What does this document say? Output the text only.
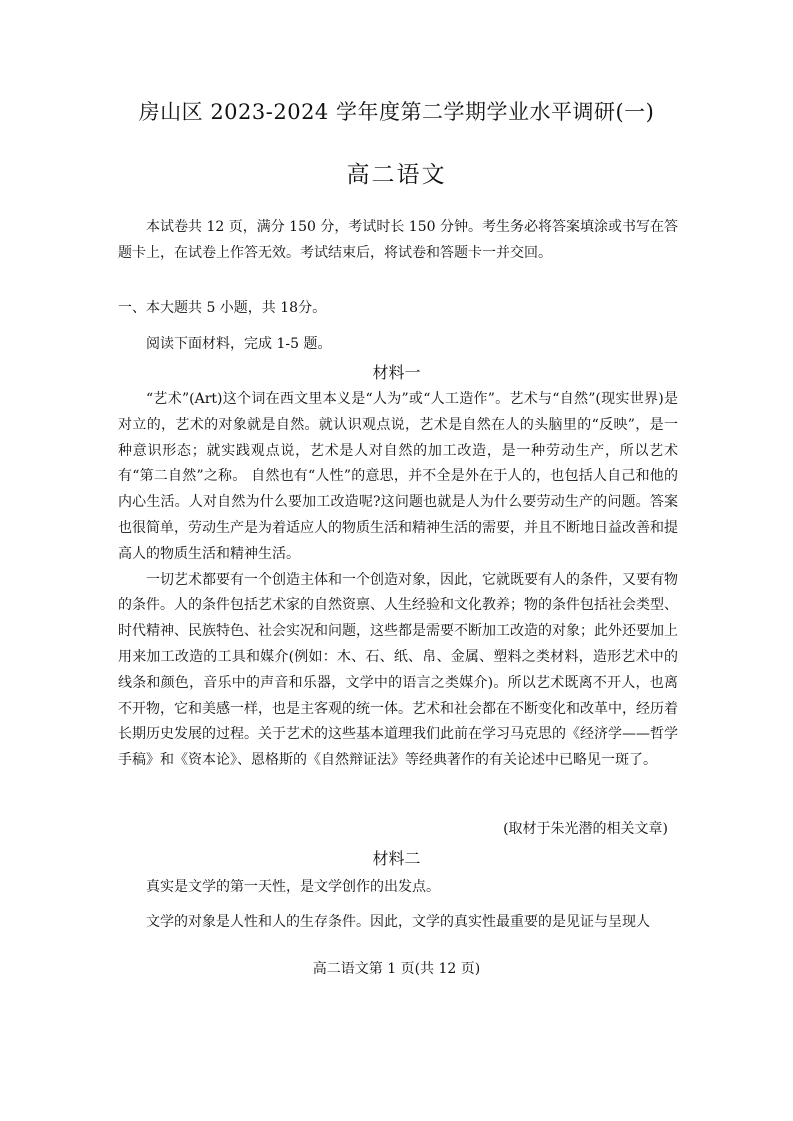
房山区 2023-2024 学年度第二学期学业水平调研(一)
高二语文

本试卷共 12 页，满分 150 分，考试时长 150 分钟。考生务必将答案填涂或书写在答题卡上，在试卷上作答无效。考试结束后，将试卷和答题卡一并交回。

一、本大题共 5 小题，共 18分。
阅读下面材料，完成 1-5 题。
材料一

“艺术”(Art)这个词在西文里本义是“人为”或“人工造作”。艺术与“自然”(现实世界)是对立的，艺术的对象就是自然。就认识观点说，艺术是自然在人的头脑里的“反映”，是一种意识形态；就实践观点说，艺术是人对自然的加工改造，是一种劳动生产，所以艺术有“第二自然”之称。 自然也有“人性”的意思，并不全是外在于人的，也包括人自己和他的内心生活。人对自然为什么要加工改造呢?这问题也就是人为什么要劳动生产的问题。答案也很简单，劳动生产是为着适应人的物质生活和精神生活的需要，并且不断地日益改善和提高人的物质生活和精神生活。

一切艺术都要有一个创造主体和一个创造对象，因此，它就既要有人的条件，又要有物的条件。人的条件包括艺术家的自然资禀、人生经验和文化教养；物的条件包括社会类型、时代精神、民族特色、社会实况和问题，这些都是需要不断加工改造的对象；此外还要加上用来加工改造的工具和媒介(例如：木、石、纸、帛、金属、塑料之类材料，造形艺术中的线条和颜色，音乐中的声音和乐器，文学中的语言之类媒介)。所以艺术既离不开人，也离不开物，它和美感一样，也是主客观的统一体。艺术和社会都在不断变化和改革中，经历着长期历史发展的过程。关于艺术的这些基本道理我们此前在学习马克思的《经济学——哲学手稿》和《资本论》、恩格斯的《自然辩证法》等经典著作的有关论述中已略见一斑了。

(取材于朱光潜的相关文章)
材料二
真实是文学的第一天性，是文学创作的出发点。
文学的对象是人性和人的生存条件。因此，文学的真实性最重要的是见证与呈现人
高二语文第 1 页(共 12 页)
